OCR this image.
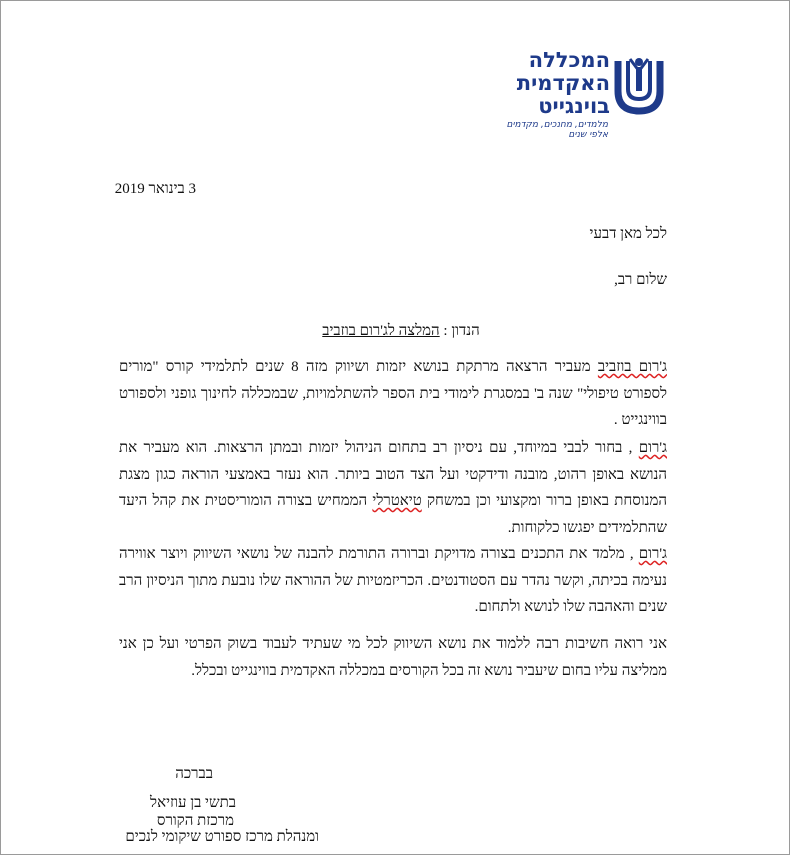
המכללה
האקדמית
בוינגייט
מלמדים, מחנכים, מקדמים
אלפי שנים
3 בינואר 2019
לכל מאן דבעי
שלום רב,
הנדון : המלצה לג'רום בוזביב
ג'רום בוזביב מעביר הרצאה מרתקת בנושא יזמות ושיווק מזה 8 שנים לתלמידי קורס "מורים לספורט טיפולי" שנה ב' במסגרת לימודי בית הספר להשתלמויות, שבמכללה לחינוך גופני ולספורט בווינגייט .
ג'רום , בחור לבבי במיוחד, עם ניסיון רב בתחום הניהול יזמות ובמתן הרצאות. הוא מעביר את הנושא באופן רהוט, מובנה ודידקטי ועל הצד הטוב ביותר. הוא נעזר באמצעי הוראה כגון מצגת המנוסחת באופן ברור ומקצועי וכן במשחק טיאטרלי הממחיש בצורה הומוריסטית את קהל היעד שהתלמידים יפגשו כלקוחות.
ג'רום , מלמד את התכנים בצורה מדויקת וברורה התורמת להבנה של נושאי השיווק ויוצר אווירה נעימה בכיתה, וקשר נהדר עם הסטודנטים. הכריזמטיות של ההוראה שלו נובעת מתוך הניסיון הרב שנים והאהבה שלו לנושא ולתחום.
אני רואה חשיבות רבה ללמוד את נושא השיווק לכל מי שעתיד לעבוד בשוק הפרטי ועל כן אני ממליצה עליו בחום שיעביר נושא זה בכל הקורסים במכללה האקדמית בווינגייט ובכלל.
בברכה
בתשי בן עוזיאל
מרכזת הקורס
ומנהלת מרכז ספורט שיקומי לנכים
